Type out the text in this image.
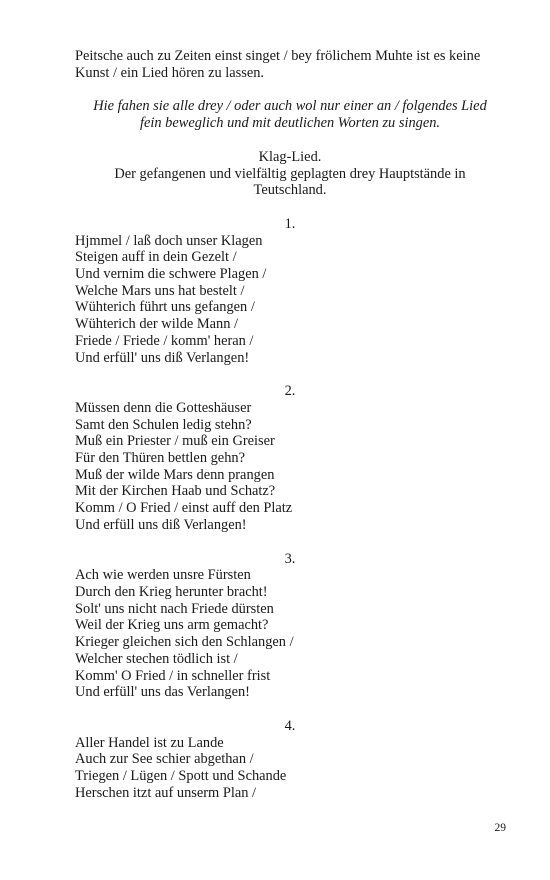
Peitsche auch zu Zeiten einst singet / bey frölichem Muhte ist es keine
Kunst / ein Lied hören zu lassen.

Hie fahen sie alle drey / oder auch wol nur einer an / folgendes Lied
fein beweglich und mit deutlichen Worten zu singen.
Klag-Lied.
Der gefangenen und vielfältig geplagten drey Hauptstände in
Teutschland.
1.
Hjmmel / laß doch unser Klagen
Steigen auff in dein Gezelt /
Und vernim die schwere Plagen /
Welche Mars uns hat bestelt /
Wühterich führt uns gefangen /
Wühterich der wilde Mann /
Friede / Friede / komm' heran /
Und erfüll' uns diß Verlangen!
2.
Müssen denn die Gotteshäuser
Samt den Schulen ledig stehn?
Muß ein Priester / muß ein Greiser
Für den Thüren bettlen gehn?
Muß der wilde Mars denn prangen
Mit der Kirchen Haab und Schatz?
Komm / O Fried / einst auff den Platz
Und erfüll uns diß Verlangen!
3.
Ach wie werden unsre Fürsten
Durch den Krieg herunter bracht!
Solt' uns nicht nach Friede dürsten
Weil der Krieg uns arm gemacht?
Krieger gleichen sich den Schlangen /
Welcher stechen tödlich ist /
Komm' O Fried / in schneller frist
Und erfüll' uns das Verlangen!
4.
Aller Handel ist zu Lande
Auch zur See schier abgethan /
Triegen / Lügen / Spott und Schande
Herschen itzt auf unserm Plan /
29
